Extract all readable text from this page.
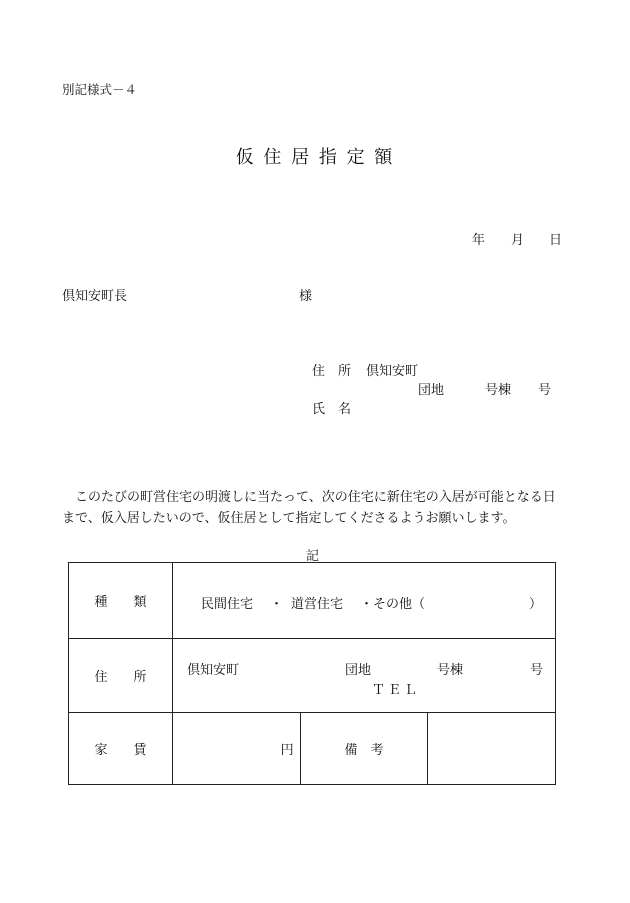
別記様式－４
仮 住 居 指 定 額
年 月 日
倶知安町長	様
住　所 倶知安町
団地	号棟 号
氏　名

　このたびの町営住宅の明渡しに当たって、次の住宅に新住宅の入居が可能となる日

まで、仮入居したいので、仮住居として指定してくださるようお願いします。

記
種　　類	民間住宅 ・ 道営住宅 ・その他（ ）		

住　　所	倶知安町 団地 号棟 号
ＴＥＬ		

家　　賃	円	備　考	
